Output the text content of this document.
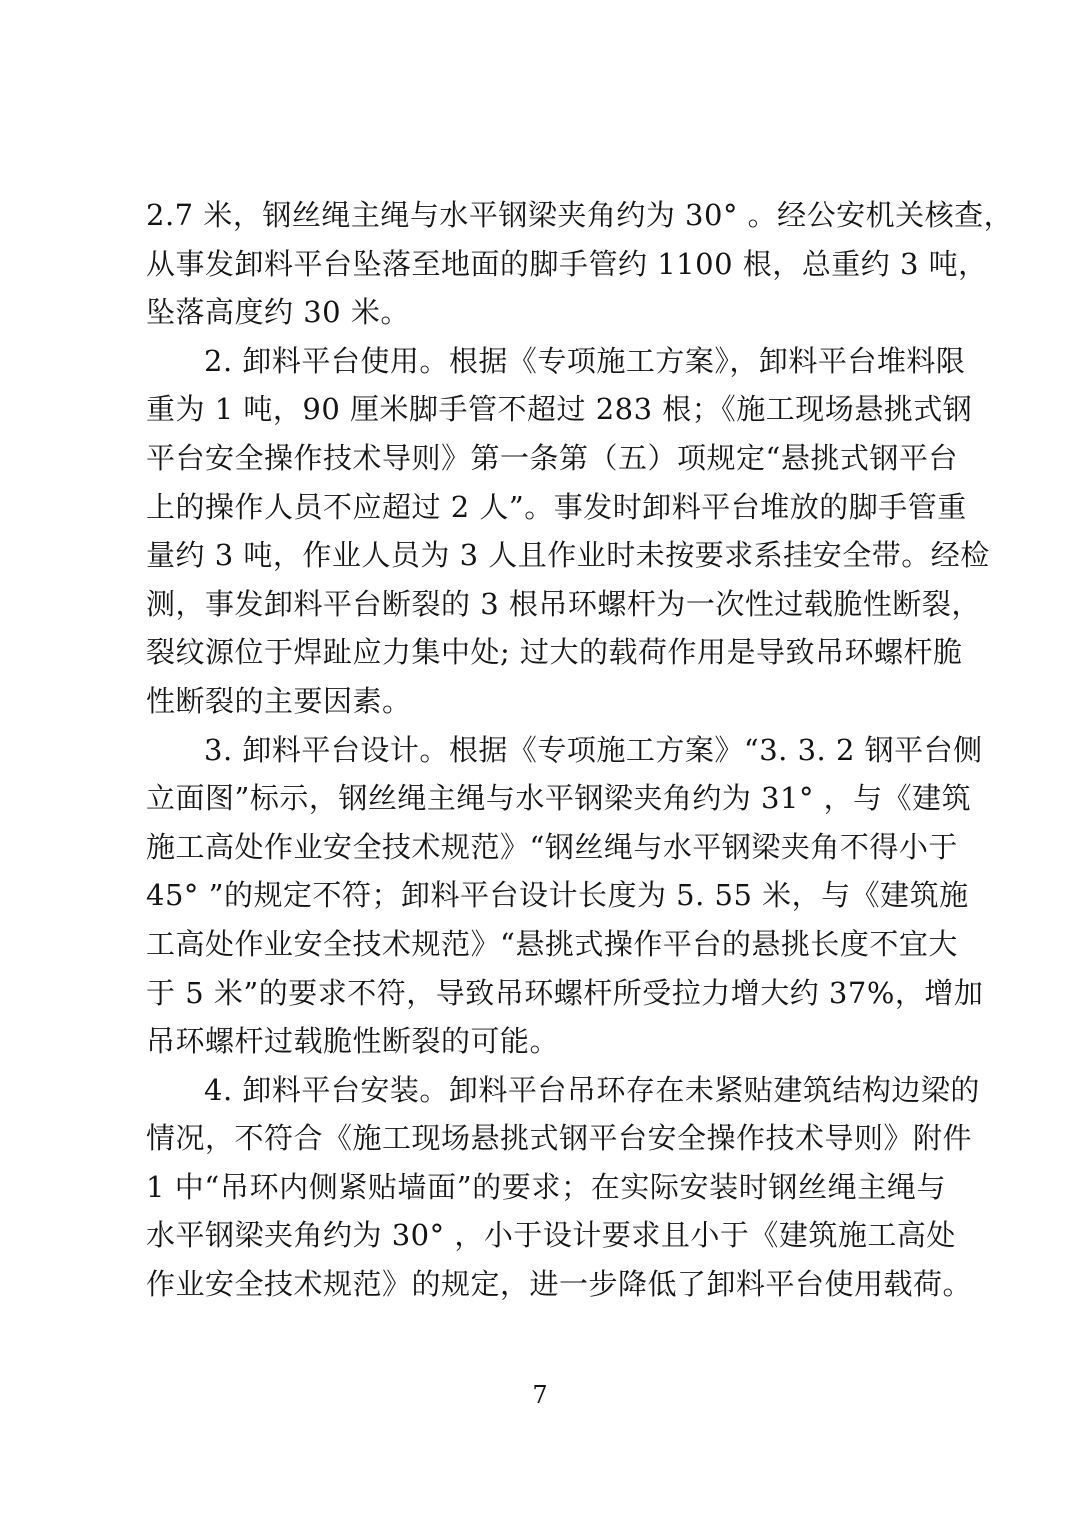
2.7 米，钢丝绳主绳与水平钢梁夹角约为 30° 。经公安机关核查，
从事发卸料平台坠落至地面的脚手管约 1100 根，总重约 3 吨，
坠落高度约 30 米。
2. 卸料平台使用。根据《专项施工方案》，卸料平台堆料限
重为 1 吨，90 厘米脚手管不超过 283 根；《施工现场悬挑式钢
平台安全操作技术导则》第一条第（五）项规定“悬挑式钢平台
上的操作人员不应超过 2 人”。事发时卸料平台堆放的脚手管重
量约 3 吨，作业人员为 3 人且作业时未按要求系挂安全带。经检
测，事发卸料平台断裂的 3 根吊环螺杆为一次性过载脆性断裂，
裂纹源位于焊趾应力集中处; 过大的载荷作用是导致吊环螺杆脆
性断裂的主要因素。
3. 卸料平台设计。根据《专项施工方案》“3. 3. 2 钢平台侧
立面图”标示，钢丝绳主绳与水平钢梁夹角约为 31° ，与《建筑
施工高处作业安全技术规范》“钢丝绳与水平钢梁夹角不得小于
45° ”的规定不符；卸料平台设计长度为 5. 55 米，与《建筑施
工高处作业安全技术规范》“悬挑式操作平台的悬挑长度不宜大
于 5 米”的要求不符，导致吊环螺杆所受拉力增大约 37%，增加
吊环螺杆过载脆性断裂的可能。
4. 卸料平台安装。卸料平台吊环存在未紧贴建筑结构边梁的
情况，不符合《施工现场悬挑式钢平台安全操作技术导则》附件
1 中“吊环内侧紧贴墙面”的要求；在实际安装时钢丝绳主绳与
水平钢梁夹角约为 30° ，小于设计要求且小于《建筑施工高处
作业安全技术规范》的规定，进一步降低了卸料平台使用载荷。
7
